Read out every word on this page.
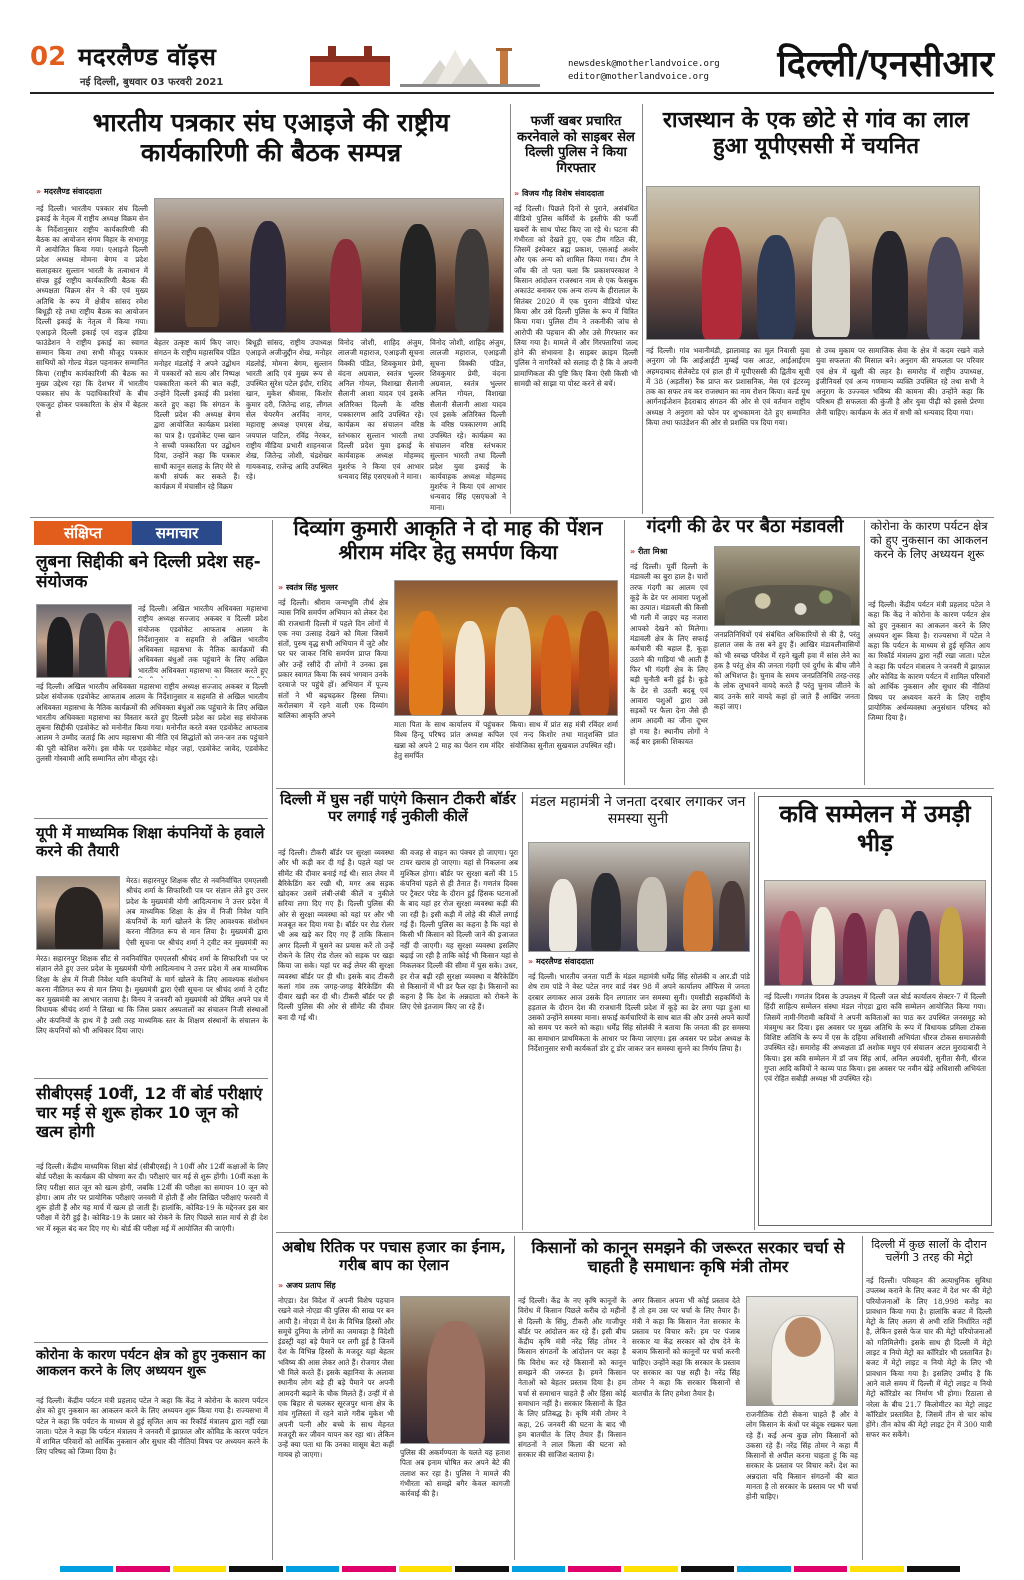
02 मदरलैण्ड वॉइस
नई दिल्ली, बुधवार 03 फरवरी 2021
newsdesk@motherlandvoice.org
editor@motherlandvoice.org	दिल्ली/एनसीआर
भारतीय पत्रकार संघ एआइजे की राष्ट्रीय कार्यकारिणी की बैठक सम्पन्न
» मदरलैण्ड संवाददाता
नई दिल्ली। भारतीय पत्रकार संघ दिल्ली इकाई के नेतृत्व में राष्ट्रीय अध्यक्ष विक्रम सेन के निर्देशानुसार राष्ट्रीय कार्यकारिणी की बैठक का आयोजन संगम विहार के सभागृह में आयोजित किया गया। एआइजे दिल्ली प्रदेश अध्यक्ष मोमना बेगम व प्रदेश सलाहकार सुल्तान भारती के तत्वाधान में संपन्न हुई राष्ट्रीय कार्यकारिणी बैठक की अध्यक्षता विक्रम सेन ने की एवं मुख्य अतिथि के रूप में क्षेत्रीय सांसद रमेश बिधूड़ी रहे तथा राष्ट्रीय बैठक का आयोजन दिल्ली इकाई के नेतृत्व में किया गया। एआइजे दिल्ली इकाई एवं राइज इंडिया फाउंडेशन ने राष्ट्रीय इकाई का स्वागत सम्मान किया तथा सभी मौजूद पत्रकार साथियों को गोल्ड मेडल पहनाकर सम्मानित किया (राष्ट्रीय कार्यकारिणी की बैठक का मुख्य उद्देश्य रहा कि देशभर में भारतीय पत्रकार संघ के पदाधिकारियों के बीच एकजुट होकर पत्रकारिता के क्षेत्र में बेहतर से
बेहतर उत्कृष्ट कार्य किए जाए। संगठन के राष्ट्रीय महासचिव पंडित मनोहर मंडलोई ने अपने उद्बोधन में पत्रकारों को सत्य और निष्पक्ष पत्रकारिता करने की बात कही, उन्होंने दिल्ली इकाई की प्रशंसा करते हुए कहा कि संगठन के दिल्ली प्रदेश की अध्यक्ष बेगम द्वारा आयोजित कार्यक्रम प्रशंसा का पात्र है। एडवोकेट एम्स खान ने सच्ची पत्रकारिता पर उद्बोधन दिया, उन्होंने कहा कि पत्रकार साथी कानून सलाह के लिए मेरे से कभी संपर्क कर सकते हैं। कार्यक्रम में मंचासीन रहे विक्रम
बिधूड़ी सांसद, राष्ट्रीय उपाध्यक्ष एआइजे अजीजुद्दीन शेख, मनोहर मंडलोई, मोमना बेगम, सुल्तान भारती आदि एवं मुख्य रूप से उपस्थित सुरेश पटेल इंदौर, राशिद खान, मुकेश श्रीवास, किशोर कुमार दरी, जितेन्द्र शाह, लीगल सेल चेयरमैन अरविंद नागर, महाराष्ट्र अध्यक्ष एमएस शेख, जयपाल पाटिल, रविंद्र नेरकर, राष्ट्रीय मीडिया प्रभारी शाहनवाज शेख, जितेन्द्र जोशी, चंद्रशेखर गायकवाड़, राजेन्द्र आदि उपस्थित रहे।
विनोद जोशी, शाहिद अंजुम, लालजी महाराज, एआइजी सूचना विक्की पंडित, शिवकुमार प्रेमी, वंदना अग्रवाल, स्वतंत्र भुल्लर अनिल गोयल, विशाखा सैलानी सैलानी आशा यादव एवं इसके अतिरिक्त दिल्ली के वरिष्ठ पत्रकारगण आदि उपस्थित रहे। कार्यक्रम का संचालन वरिष्ठ स्तंभकार सुल्तान भारती तथा दिल्ली प्रदेश युवा इकाई के कार्यवाहक अध्यक्ष मोहम्मद मुशर्रफ ने किया एवं आभार धन्यवाद सिंह एसएचओ ने माना।
विनोद जोशी, शाहिद अंजुम, लालजी महाराज, एआइजी सूचना विक्की पंडित, शिवकुमार प्रेमी, वंदना अग्रवाल, स्वतंत्र भुल्लर अनिल गोयल, विशाखा सैलानी सैलानी आशा यादव एवं इसके अतिरिक्त दिल्ली के वरिष्ठ पत्रकारगण आदि उपस्थित रहे। कार्यक्रम का संचालन वरिष्ठ स्तंभकार सुल्तान भारती तथा दिल्ली प्रदेश युवा इकाई के कार्यवाहक अध्यक्ष मोहम्मद मुशर्रफ ने किया एवं आभार धन्यवाद सिंह एसएचओ ने माना।
फर्जी खबर प्रचारित करनेवाले को साइबर सेल दिल्ली पुलिस ने किया गिरफ्तार
» विजय गौड़ विशेष संवाददाता
नई दिल्ली। पिछले दिनों से पुराने, असंबंधित वीडियो पुलिस कर्मियों के इस्तीफे की फर्जी खबरों के साथ पोस्ट किए जा रहे थे। घटना की गंभीरता को देखते हुए, एक टीम गठित की, जिसमें इंस्पेक्टर ब्रह्म प्रकाश, एसआई अश्वेर और एक अन्य को शामिल किया गया। टीम ने जाँच की तो पता चला कि प्रकाशपरकाश ने किसान आंदोलन राजस्थान नाम से एक फेसबुक अकाउंट बनाकर एक अन्य राज्य के हीरालाल के सितंबर 2020 में एक पुराना वीडियो पोस्ट किया और उसे दिल्ली पुलिस के रूप में चित्रित किया गया। पुलिस टीम ने तकनीकी जांच से आरोपी की पहचान की और उसे गिरफ्तार कर लिया गया है। मामले में और गिरफ्तारियां जल्द होने की संभावना है। साइबर क्राइम दिल्ली पुलिस ने नागरिकों को सलाह दी है कि वे अपनी प्रामाणिकता की पुष्टि किए बिना ऐसी किसी भी सामग्री को साझा या पोस्ट करने से बचें।
राजस्थान के एक छोटे से गांव का लाल हुआ यूपीएससी में चयनित
नई दिल्ली। गांव भवानीमंडी, झालावाड़ का मूल निवासी युवा अनुराग जो कि आईआईटी मुम्बई पास आउट, आईआईएम अहमदाबाद सेलेक्टेड एवं हाल ही में यूपीएससी की द्वितीय सूची में 38 (अड़तीस) रैंक प्राप्त कर प्रशासनिक, मेस एवं इंटरव्यू तक का सफर तय कर राजस्थान का नाम रोशन किया। वर्ल्ड यूथ आर्गनाईजेशन हैदराबाद संगठन की ओर से एवं वर्तमान राष्ट्रीय अध्यक्ष ने अनुराग को फोन पर शुभकामना देते हुए सम्मानित किया तथा फाउंडेशन की ओर से प्रशस्ति पत्र दिया गया।
से उच्च मुकाम पर सामाजिक सेवा के क्षेत्र में कदम रखने वाले युवा सफलता की मिसाल बने। अनुराग की सफलता पर परिवार एवं क्षेत्र में खुशी की लहर है। समारोह में राष्ट्रीय उपाध्यक्ष, इंजीनियर्स एवं अन्य गणमान्य व्यक्ति उपस्थित रहे तथा सभी ने अनुराग के उज्ज्वल भविष्य की कामना की। उन्होंने कहा कि परिश्रम ही सफलता की कुंजी है और युवा पीढ़ी को इससे प्रेरणा लेनी चाहिए। कार्यक्रम के अंत में सभी को धन्यवाद दिया गया।
संक्षिप्त	समाचार
लुबना सिद्दीकी बने दिल्ली प्रदेश सह-संयोजक
नई दिल्ली। अखिल भारतीय अधिवक्ता महासभा राष्ट्रीय अध्यक्ष सज्जाद अकबर व दिल्ली प्रदेश संयोजक एडवोकेट आफताब आलम के निर्देशानुसार व सहमति से अखिल भारतीय अधिवक्ता महासभा के नैतिक कार्यक्रमों की अधिवक्ता बंधुओं तक पहुंचाने के लिए अखिल भारतीय अधिवक्ता महासभा का विस्तार करते हुए
नई दिल्ली। अखिल भारतीय अधिवक्ता महासभा राष्ट्रीय अध्यक्ष सज्जाद अकबर व दिल्ली प्रदेश संयोजक एडवोकेट आफताब आलम के निर्देशानुसार व सहमति से अखिल भारतीय अधिवक्ता महासभा के नैतिक कार्यक्रमों की अधिवक्ता बंधुओं तक पहुंचाने के लिए अखिल भारतीय अधिवक्ता महासभा का विस्तार करते हुए दिल्ली प्रदेश का प्रदेश सह संयोजक लुबना सिद्दीकी एडवोकेट को मनोनीत किया गया। मनोनीत करते वक्त एडवोकेट आफताब आलम ने उम्मीद जताई कि आप महासभा की नीति एवं सिद्धांतों को जन-जन तक पहुंचाने की पूरी कोशिश करेंगे। इस मौके पर एडवोकेट मोहर जहां, एडवोकेट जावेद, एडवोकेट तुलसी गोस्वामी आदि सम्मानित लोग मौजूद रहे।
यूपी में माध्यमिक शिक्षा कंपनियों के हवाले करने की तैयारी
मेरठ। सहारनपुर शिक्षक सीट से नवनिर्वाचित एमएलसी श्रीचंद शर्मा के सिफारिशी पत्र पर संज्ञान लेते हुए उत्तर प्रदेश के मुख्यमंत्री योगी आदित्यनाथ ने उत्तर प्रदेश में अब माध्यमिक शिक्षा के क्षेत्र में निजी निवेश यानि कंपनियों के मार्ग खोलने के लिए आवश्यक संशोधन करना नीतिगत रूप से मान लिया है। मुख्यमंत्री द्वारा ऐसी सूचना पर श्रीचंद शर्मा ने ट्वीट कर मुख्यमंत्री का
मेरठ। सहारनपुर शिक्षक सीट से नवनिर्वाचित एमएलसी श्रीचंद शर्मा के सिफारिशी पत्र पर संज्ञान लेते हुए उत्तर प्रदेश के मुख्यमंत्री योगी आदित्यनाथ ने उत्तर प्रदेश में अब माध्यमिक शिक्षा के क्षेत्र में निजी निवेश यानि कंपनियों के मार्ग खोलने के लिए आवश्यक संशोधन करना नीतिगत रूप से मान लिया है। मुख्यमंत्री द्वारा ऐसी सूचना पर श्रीचंद शर्मा ने ट्वीट कर मुख्यमंत्री का आभार जताया है। विनय ने जनवरी को मुख्यमंत्री को प्रेषित अपने पत्र में विधायक श्रीचंद शर्मा ने लिखा था कि जिस प्रकार अस्पतालों का संचालन निजी संस्थाओं और कंपनियों के हाथ में है उसी तरह माध्यमिक स्तर के शिक्षण संस्थानों के संचालन के लिए कंपनियों को भी अधिकार दिया जाए।
सीबीएसई 10वीं, 12 वीं बोर्ड परीक्षाएं चार मई से शुरू होकर 10 जून को खत्म होगी
नई दिल्ली। केंद्रीय माध्यमिक शिक्षा बोर्ड (सीबीएसई) ने 10वीं और 12वीं कक्षाओं के लिए बोर्ड परीक्षा के कार्यक्रम की घोषणा कर दी। परीक्षाएं चार मई से शुरू होंगी। 10वीं कक्षा के लिए परीक्षा सात जून को खत्म होगी, जबकि 12वीं की परीक्षा का समापन 10 जून को होगा। आम तौर पर प्रायोगिक परीक्षाएं जनवरी में होती हैं और लिखित परीक्षाएं फरवरी में शुरू होती हैं और यह मार्च में खत्म हो जाती हैं। हालांकि, कोविड-19 के मद्देनजर इस बार परीक्षा में देरी हुई है। कोविड-19 के प्रसार को रोकने के लिए पिछले साल मार्च से ही देश भर में स्कूल बंद कर दिए गए थे। बोर्ड की परीक्षा मई में आयोजित की जाएंगी।
कोरोना के कारण पर्यटन क्षेत्र को हुए नुकसान का आकलन करने के लिए अध्ययन शुरू
नई दिल्ली। केंद्रीय पर्यटन मंत्री प्रहलाद पटेल ने कहा कि केंद्र ने कोरोना के कारण पर्यटन क्षेत्र को हुए नुकसान का आकलन करने के लिए अध्ययन शुरू किया गया है। राज्यसभा में पटेल ने कहा कि पर्यटन के माध्यम से हुई सृजित आय का रिकॉर्ड मंत्रालय द्वारा नहीं रखा जाता। पटेल ने कहा कि पर्यटन मंत्रालय ने जनवरी में झाफ़ाल और कोविड के कारण पर्यटन में शामिल परिवारों को आर्थिक नुकसान और सुधार की नीतियां विषय पर अध्ययन करने के लिए परिषद को जिम्मा दिया है।
दिव्यांग कुमारी आकृति ने दो माह की पेंशन श्रीराम मंदिर हेतु समर्पण किया
» स्वतंत्र सिंह भुल्लर
नई दिल्ली। श्रीराम जन्मभूमि तीर्थ क्षेत्र न्यास निधि समर्पण अभियान को लेकर देश की राजधानी दिल्ली में पहले दिन लोगों में एक नया उत्साह देखने को मिला जिसमें संतों, पुरुष वृद्ध सभी अभियान में जुटे और घर घर जाकर निधि समर्पण प्राप्त किया और उन्हें रसीदें दी लोगों ने उनका इस प्रकार स्वागत किया कि स्वयं भगवान उनके दरवाजे पर पहुंचे हों। अभियान में पूज्य संतों ने भी बढ़चढ़कर हिस्सा लिया। करोलबाग में रहने वाली एक दिव्यांग बालिका आकृति अपने
माता पिता के साथ कार्यालय में पहुंचकर विश्व हिन्दू परिषद प्रांत अध्यक्ष कपिल खन्ना को अपने 2 माह का पेंशन राम मंदिर हेतु समर्पित
किया। साथ में प्रांत सह मंत्री रविंदर शर्मा एवं नन्द किशोर तथा मातृशक्ति प्रांत संयोजिका सुनीता सुखवाल उपस्थित रही।
गंदगी की ढेर पर बैठा मंडावली
» रीता मिश्रा
नई दिल्ली। पूर्वी दिल्ली के मंडावली का बुरा हाल है। चारों तरफ गंदगी का आलम एवं कूड़े के ढेर पर आवारा पशुओं का उत्पात। मंडावली की किसी भी गली में जाइए यह नजारा आपको देखने को मिलेगा। मंडावली क्षेत्र के लिए सफाई कर्मचारी की बहाल हैं, कूड़ा उठाने की गाड़ियां भी आती हैं फिर भी गंदगी क्षेत्र के लिए बड़ी चुनौती बनी हुई है। कूड़े के ढेर से उठती बदबू एवं आवारा पशुओं द्वारा उसे सड़कों पर फैला देना जैसे ही आम आदमी का जीना दूभर हो गया है। स्थानीय लोगों ने कई बार इसकी शिकायत
जनप्रतिनिधियों एवं संबंधित अधिकारियों से की है, परंतु हालात जस के तस बने हुए हैं। आखिर मंडावलीवासियों को भी स्वच्छ परिवेश में रहने खुली हवा में सांस लेने का हक है परंतु क्षेत्र की जनता गंदगी एवं दुर्गंध के बीच जीने को अभिशप्त है। चुनाव के समय जनप्रतिनिधि तरह-तरह के लोक लुभावने वायदे करते हैं परंतु चुनाव जीतने के बाद उनके सारे वायदे कहां हो जाते हैं आखिर जनता कहां जाए।
कोरोना के कारण पर्यटन क्षेत्र को हुए नुकसान का आकलन करने के लिए अध्ययन शुरू
नई दिल्ली। केंद्रीय पर्यटन मंत्री प्रहलाद पटेल ने कहा कि केंद्र ने कोरोना के कारण पर्यटन क्षेत्र को हुए नुकसान का आकलन करने के लिए अध्ययन शुरू किया है। राज्यसभा में पटेल ने कहा कि पर्यटन के माध्यम से हुई सृजित आय का रिकॉर्ड मंत्रालय द्वारा नहीं रखा जाता। पटेल ने कहा कि पर्यटन मंत्रालय ने जनवरी में झाफ़ाल और कोविड के कारण पर्यटन में शामिल परिवारों को आर्थिक नुकसान और सुधार की नीतियां विषय पर अध्ययन करने के लिए राष्ट्रीय प्रायोगिक अर्थव्यवस्था अनुसंधान परिषद को जिम्मा दिया है।
दिल्ली में घुस नहीं पाएंगे किसान टीकरी बॉर्डर पर लगाई गई नुकीली कीलें
नई दिल्ली। टीकरी बॉर्डर पर सुरक्षा व्यवस्था और भी कड़ी कर दी गई है। पहले यहां पर सीमेंट की दीवार बनाई गई थी। सात लेयर में बैरिकेडिंग कर रखी थी, मगर अब सड़क खोदकर उसमें लंबी-लंबी कीलें व नुकीले सरिया लगा दिए गए हैं। दिल्ली पुलिस की ओर से सुरक्षा व्यवस्था को यहां पर और भी मजबूत कर दिया गया है। बॉर्डर पर रोड रोलर भी अब खड़े कर दिए गए हैं ताकि किसान अगर दिल्ली में घुसने का प्रयास करें तो उन्हें रोकने के लिए रोड रोलर को सड़क पर खड़ा किया जा सके। यहां पर कई लेयर की सुरक्षा व्यवस्था बॉर्डर पर ही थी। इसके बाद टीकरी कलां गांव तक जगह-जगह बैरिकेडिंग की दीवार खड़ी कर दी थी। टीकरी बॉर्डर पर ही दिल्ली पुलिस की ओर से सीमेंट की दीवार बना दी गई थी।
की वजह से वाहन का पंक्चर हो जाएगा। पूरा टायर खराब हो जाएगा। यहां से निकलना अब मुश्किल होगा। बॉर्डर पर सुरक्षा बलों की 15 कंपनियां पहले से ही तैनात हैं। गणतंत्र दिवस पर ट्रैक्टर परेड के दौरान हुई हिंसक घटनाओं के बाद यहां हर रोज सुरक्षा व्यवस्था कड़ी की जा रही है। इसी कड़ी में लोहे की कीलें लगाई गई हैं। दिल्ली पुलिस का कहना है कि यहां से किसी भी किसान को दिल्ली जाने की इजाजत नहीं दी जाएगी। यह सुरक्षा व्यवस्था इसलिए बढ़ाई जा रही है ताकि कोई भी किसान यहां से निकलकर दिल्ली की सीमा में घुस सके। उधर, हर रोज बढ़ी रही सुरक्षा व्यवस्था व बैरिकेडिंग से किसानों में भी डर फैल रहा है। किसानों का कहना है कि देश के अन्नदाता को रोकने के लिए ऐसे इंतजाम किए जा रहे हैं।
मंडल महामंत्री ने जनता दरबार लगाकर जन समस्या सुनी
» मदरलैण्ड संवाददाता
नई दिल्ली। भारतीय जनता पार्टी के मंडल महामंत्री धर्मेंद्र सिंह सोलंकी व आर.डी पांडे शेष राम पांडे ने वेस्ट पटेल नगर वार्ड नंबर 98 में अपने कार्यालय ऑफिस मे जनता दरबार लगाकर आज उसके दिन लगातार जन समस्या सुनी। एमसीडी सहकर्मियों के हड़ताल के दौरान देश की राजधानी दिल्ली प्रदेश में कूड़े का ढेर लगा पड़ा हुआ था उसको उन्होंने समस्या माना। सफाई कर्मचारियों के साथ बात की और उनसे अपने कार्यों को समय पर करने को कहा। धर्मेंद्र सिंह सोलंकी ने बताया कि जनता की हर समस्या का समाधान प्राथमिकता के आधार पर किया जाएगा। इस अवसर पर प्रदेश अध्यक्ष के निर्देशानुसार सभी कार्यकर्ता डोर टू डोर जाकर जन समस्या सुनने का निर्णय लिया है।
कवि सम्मेलन में उमड़ी भीड़
नई दिल्ली। गणतंत्र दिवस के उपलक्ष्य में दिल्ली जल बोर्ड कार्यालय सेक्टर-7 में दिल्ली हिंदी साहित्य सम्मेलन संस्था मंडल नोएडा द्वारा कवि सम्मेलन आयोजित किया गया। जिसमें नामी-गिरामी कवियों ने अपनी कविताओं का पाठ कर उपस्थित जनसमूह को मंत्रमुग्ध कर दिया। इस अवसर पर मुख्य अतिथि के रूप में विधायक प्रमिला टोकस विशिष्ट अतिथि के रूप में एस के दहिया अधिशासी अभियंता धीरज टोकस समाजसेवी उपस्थित रहे। समारोह की अध्यक्षता डॉ अशोक मधुप एवं संचालन अटल मुरादाबादी ने किया। इस कवि सम्मेलन में डॉ जय सिंह आर्य, अनिल अग्रवंशी, सुनीता सैनी, धीरज गुप्ता आदि कवियों ने काव्य पाठ किया। इस अवसर पर नवीन खेड़े अधिशासी अभियंता एवं रोहित सबौड़ी अध्यक्ष भी उपस्थित रहे।
अबोध रितिक पर पचास हजार का ईनाम, गरीब बाप का ऐलान
» अजय प्रताप सिंह
नोएडा। देश विदेश में अपनी विशेष पहचान रखने वाले नोएडा की पुलिस की साख पर बन आयी है। नोएडा में देश के विभिन्न हिस्सों और समूचे दुनिया के लोगों का जमावड़ा है विदेशी इंडस्ट्री यहां बड़े पैमाने पर लगी हुई है जिनमें देश के विभिन्न हिस्सों के मजदूर यहां बेहतर भविष्य की आस लेकर आते हैं। रोजगार जैसा भी मिले करते हैं। इसके बहानिया के अलावा स्थानीय लोग बड़े ही बड़े पैमाने पर अपनी आमदनी बढ़ाने के चौक मिलते हैं। उन्हीं में से एक बिहार से चलकर सूरजपुर थाना क्षेत्र के गांव गुलिस्तां में रहने वाले गरीब मुकेश भी अपनी पत्नी और बच्चे के साथ मेहनत मजदूरी कर जीवन यापन कर रहा था। लेकिन उन्हें क्या पता था कि उनका मासूम बेटा कहीं गायब हो जाएगा।	पुलिस की अकर्मण्यता के चलते यह हताश पिता अब इनाम घोषित कर अपने बेटे की तलाश कर रहा है। पुलिस ने मामले की गंभीरता को समझे बगैर केवल कागजी कार्रवाई की है।
किसानों को कानून समझने की जरूरत सरकार चर्चा से चाहती है समाधानः कृषि मंत्री तोमर
नई दिल्ली। केंद्र के नए कृषि कानूनों के विरोध में किसान पिछले करीब दो महीनों से दिल्ली के सिंघु, टीकरी और गाजीपुर बॉर्डर पर आंदोलन कर रहे हैं। इसी बीच केंद्रीय कृषि मंत्री नरेंद्र सिंह तोमर ने किसान संगठनों के आंदोलन पर कहा है कि विरोध कर रहे किसानों को कानून समझने की जरूरत है। हमने किसान नेताओं को बेहतर प्रस्ताव दिया है। हम चर्चा से समाधान चाहते हैं और हिंसा कोई समाधान नहीं है। सरकार किसानों के हित के लिए प्रतिबद्ध है। कृषि मंत्री तोमर ने कहा, 26 जनवरी की घटना के बाद भी हम बातचीत के लिए तैयार हैं। किसान संगठनों ने लाल किला की घटना को सरकार की साजिश बताया है।
अगर किसान अपना भी कोई प्रस्ताव देते हैं तो हम उस पर चर्चा के लिए तैयार हैं। मंत्री ने कहा कि किसान नेता सरकार के प्रस्ताव पर विचार करें। हम पर पंजाब सरकार या केंद्र सरकार को दोष देने के बजाय किसानों को कानूनों पर चर्चा करनी चाहिए। उन्होंने कहा कि सरकार के प्रस्ताव पर सरकार का पक्ष सही है। नरेंद्र सिंह तोमर ने कहा कि सरकार किसानों से बातचीत के लिए हमेशा तैयार है।
राजनीतिक रोटी सेकना चाहते हैं और वे लोग किसान के कंधों पर बंदूक रखकर चला रहे हैं। कई अन्य कुछ लोग किसानों को उकसा रहे हैं। नरेंद्र सिंह तोमर ने कहा मैं किसानों से अपील करना चाहता हूं कि वह सरकार के प्रस्ताव पर विचार करें। देश का अन्नदाता यदि किसान संगठनों की बात मानता है तो सरकार के प्रस्ताव पर भी चर्चा होनी चाहिए।
दिल्ली में कुछ सालों के दौरान चलेंगी 3 तरह की मेट्रो
नई दिल्ली। परिवहन की अत्याधुनिक सुविधा उपलब्ध कराने के लिए बजट में देश भर की मेट्रो परियोजनाओं के लिए 18,998 करोड़ का प्रावधान किया गया है। हालांकि बजट में दिल्ली मेट्रो के लिए अलग से अभी राशि निर्धारित नहीं है, लेकिन इससे फेज चार की मेट्रो परियोजनाओं को गतिमिलेगी। इसके साथ ही दिल्ली में मेट्रो लाइट व नियो मेट्रो का कॉरिडोर भी प्रस्तावित है। बजट में मेट्रो लाइट व नियो मेट्रो के लिए भी प्रावधान किया गया है। इसलिए उम्मीद है कि आने वाले समय में दिल्ली में मेट्रो लाइट व नियो मेट्रो कॉरिडोर का निर्माण भी होगा। रिठाला से नरेला के बीच 21.7 किलोमीटर का मेट्रो लाइट कॉरिडोर प्रस्तावित है, जिसमें तीन से चार कोच होंगे। तीन कोच की मेट्रो लाइट ट्रेन में 300 यात्री सफर कर सकेंगे।
